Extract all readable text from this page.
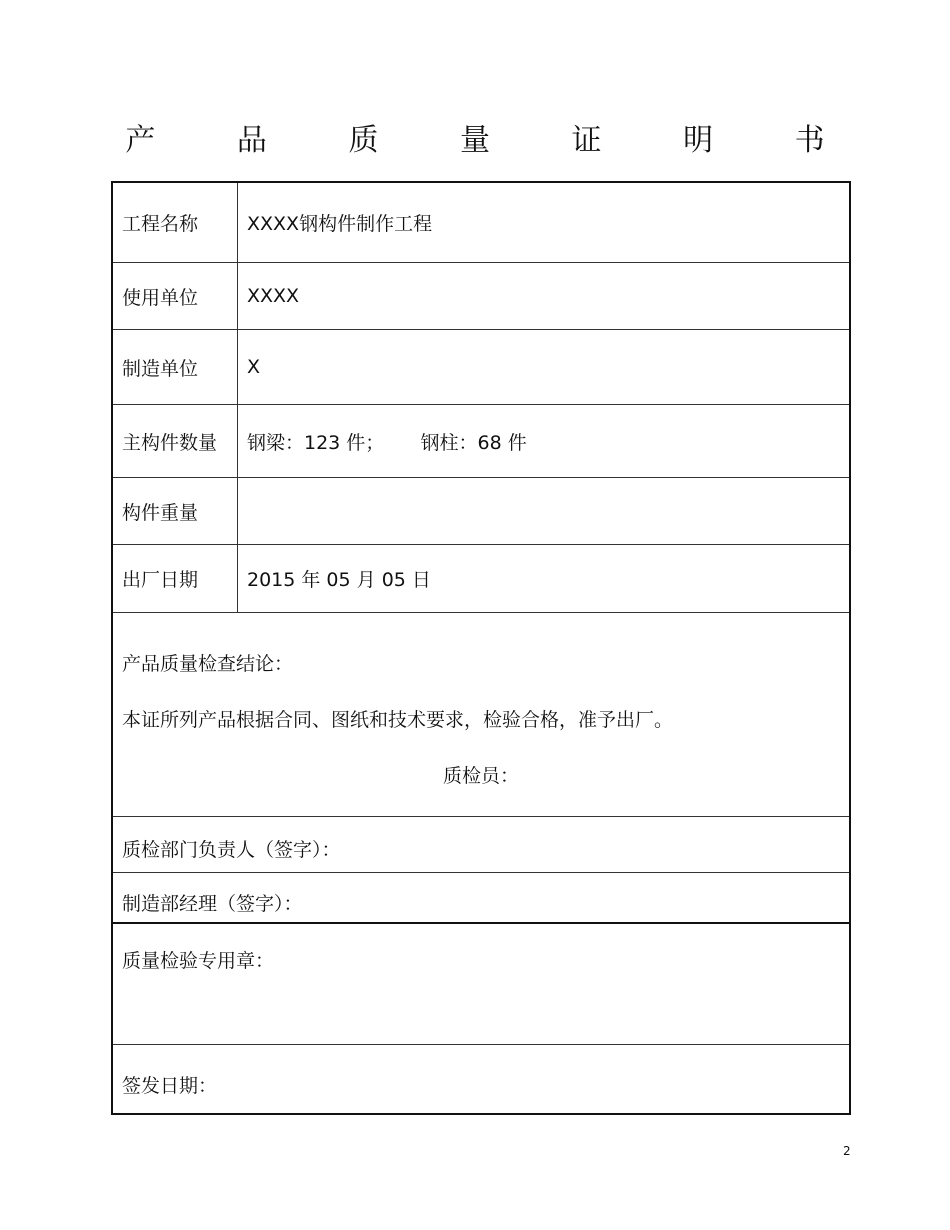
产 品 质 量 证 明 书
工程名称	XXXX钢构件制作工程
使用单位	XXXX
制造单位	X
主构件数量	钢梁：123 件；      钢柱：68 件
构件重量
出厂日期	2015 年 05 月 05 日
产品质量检查结论：
本证所列产品根据合同、图纸和技术要求，检验合格，准予出厂。
质检员：
质检部门负责人（签字）：
制造部经理（签字）：
质量检验专用章：
签发日期：
2
